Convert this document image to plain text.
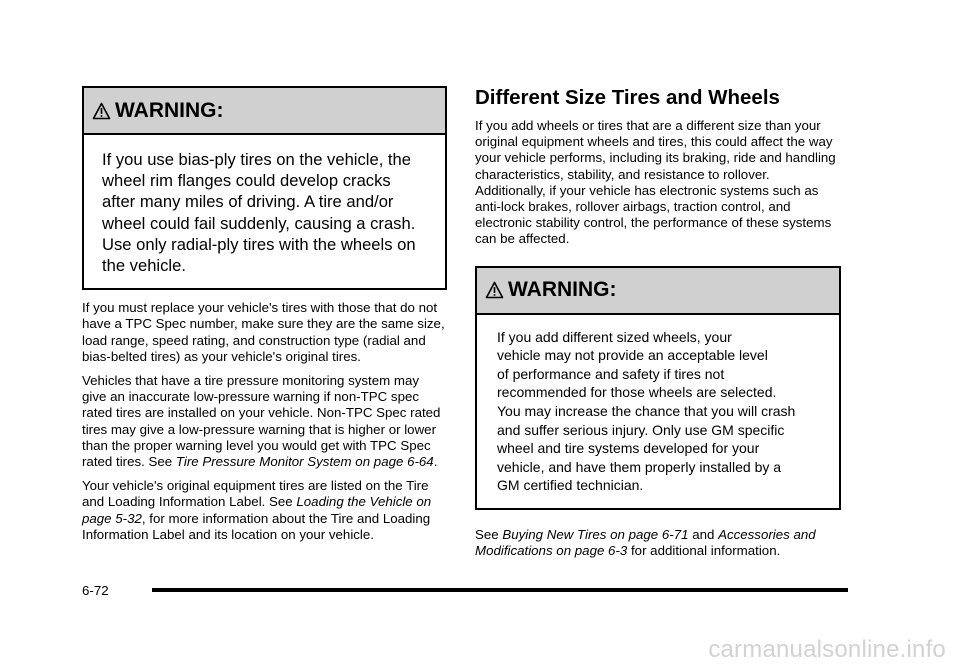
WARNING:
If you use bias-ply tires on the vehicle, the
wheel rim flanges could develop cracks
after many miles of driving. A tire and/or
wheel could fail suddenly, causing a crash.
Use only radial-ply tires with the wheels on
the vehicle.

If you must replace your vehicle's tires with those that do not have a TPC Spec number, make sure they are the same size, load range, speed rating, and construction type (radial and bias-belted tires) as your vehicle's original tires.

Vehicles that have a tire pressure monitoring system may give an inaccurate low-pressure warning if non-TPC spec rated tires are installed on your vehicle. Non-TPC Spec rated tires may give a low-pressure warning that is higher or lower than the proper warning level you would get with TPC Spec rated tires. See Tire Pressure Monitor System on page 6-64.

Your vehicle's original equipment tires are listed on the Tire and Loading Information Label. See Loading the Vehicle on page 5-32, for more information about the Tire and Loading Information Label and its location on your vehicle.

Different Size Tires and Wheels

If you add wheels or tires that are a different size than your original equipment wheels and tires, this could affect the way your vehicle performs, including its braking, ride and handling characteristics, stability, and resistance to rollover. Additionally, if your vehicle has electronic systems such as anti-lock brakes, rollover airbags, traction control, and electronic stability control, the performance of these systems can be affected.

WARNING:
If you add different sized wheels, your
vehicle may not provide an acceptable level
of performance and safety if tires not
recommended for those wheels are selected.
You may increase the chance that you will crash
and suffer serious injury. Only use GM specific
wheel and tire systems developed for your
vehicle, and have them properly installed by a
GM certified technician.

See Buying New Tires on page 6-71 and Accessories and Modifications on page 6-3 for additional information.

6-72
carmanualsonline.info
